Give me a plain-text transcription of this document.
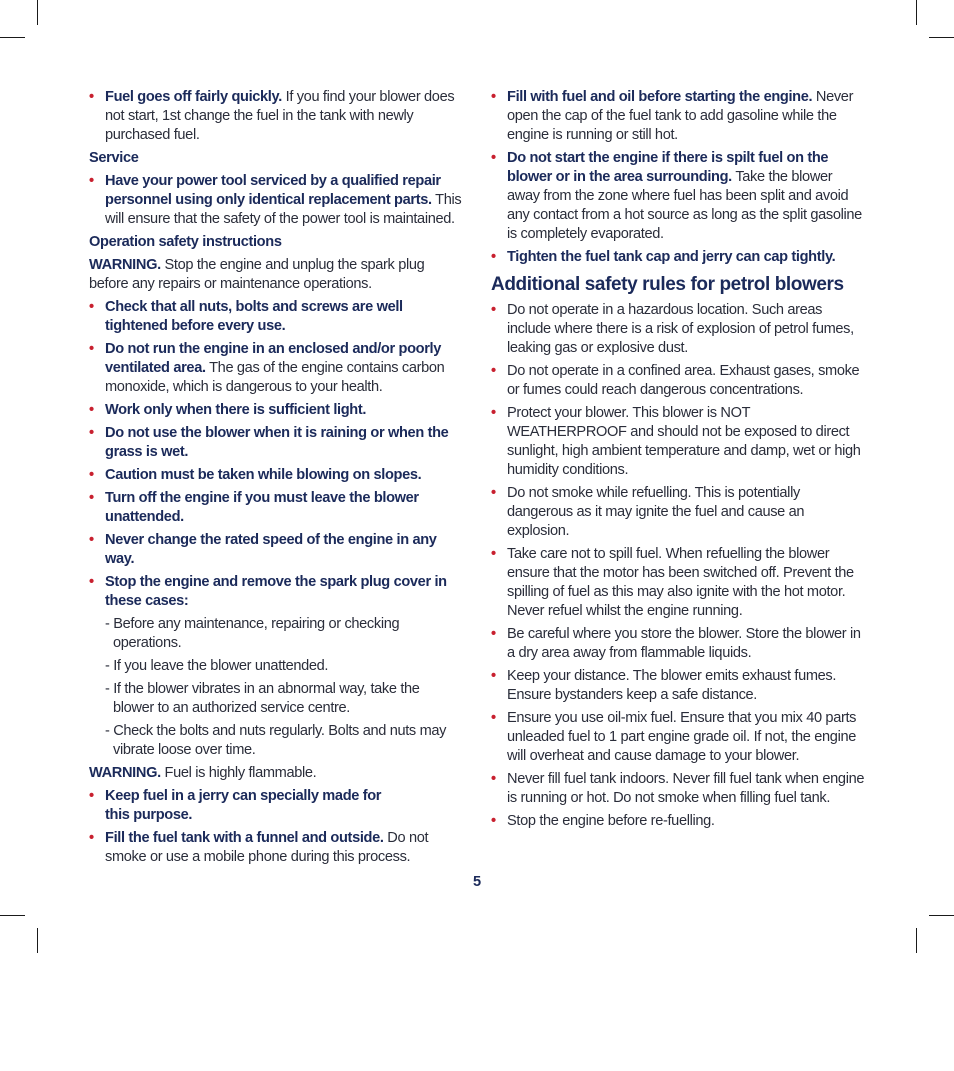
• Fuel goes off fairly quickly. If you find your blower does not start, 1st change the fuel in the tank with newly purchased fuel.
Service
• Have your power tool serviced by a qualified repair personnel using only identical replacement parts. This will ensure that the safety of the power tool is maintained.
Operation safety instructions
WARNING. Stop the engine and unplug the spark plug before any repairs or maintenance operations.
• Check that all nuts, bolts and screws are well tightened before every use.
• Do not run the engine in an enclosed and/or poorly ventilated area. The gas of the engine contains carbon monoxide, which is dangerous to your health.
• Work only when there is sufficient light.
• Do not use the blower when it is raining or when the grass is wet.
• Caution must be taken while blowing on slopes.
• Turn off the engine if you must leave the blower unattended.
• Never change the rated speed of the engine in any way.
• Stop the engine and remove the spark plug cover in these cases:
- Before any maintenance, repairing or checking operations.
- If you leave the blower unattended.
- If the blower vibrates in an abnormal way, take the blower to an authorized service centre.
- Check the bolts and nuts regularly. Bolts and nuts may vibrate loose over time.
WARNING. Fuel is highly flammable.
• Keep fuel in a jerry can specially made for
this purpose.
• Fill the fuel tank with a funnel and outside. Do not smoke or use a mobile phone during this process.
• Fill with fuel and oil before starting the engine. Never open the cap of the fuel tank to add gasoline while the engine is running or still hot.
• Do not start the engine if there is spilt fuel on the blower or in the area surrounding. Take the blower away from the zone where fuel has been split and avoid any contact from a hot source as long as the split gasoline is completely evaporated.
• Tighten the fuel tank cap and jerry can cap tightly.
Additional safety rules for petrol blowers
• Do not operate in a hazardous location. Such areas include where there is a risk of explosion of petrol fumes, leaking gas or explosive dust.
• Do not operate in a confined area. Exhaust gases, smoke or fumes could reach dangerous concentrations.
• Protect your blower. This blower is NOT WEATHERPROOF and should not be exposed to direct sunlight, high ambient temperature and damp, wet or high humidity conditions.
• Do not smoke while refuelling. This is potentially dangerous as it may ignite the fuel and cause an explosion.
• Take care not to spill fuel. When refuelling the blower ensure that the motor has been switched off. Prevent the spilling of fuel as this may also ignite with the hot motor. Never refuel whilst the engine running.
• Be careful where you store the blower. Store the blower in a dry area away from flammable liquids.
• Keep your distance. The blower emits exhaust fumes. Ensure bystanders keep a safe distance.
• Ensure you use oil-mix fuel. Ensure that you mix 40 parts unleaded fuel to 1 part engine grade oil. If not, the engine will overheat and cause damage to your blower.
• Never fill fuel tank indoors. Never fill fuel tank when engine is running or hot. Do not smoke when filling fuel tank.
• Stop the engine before re-fuelling.
5
